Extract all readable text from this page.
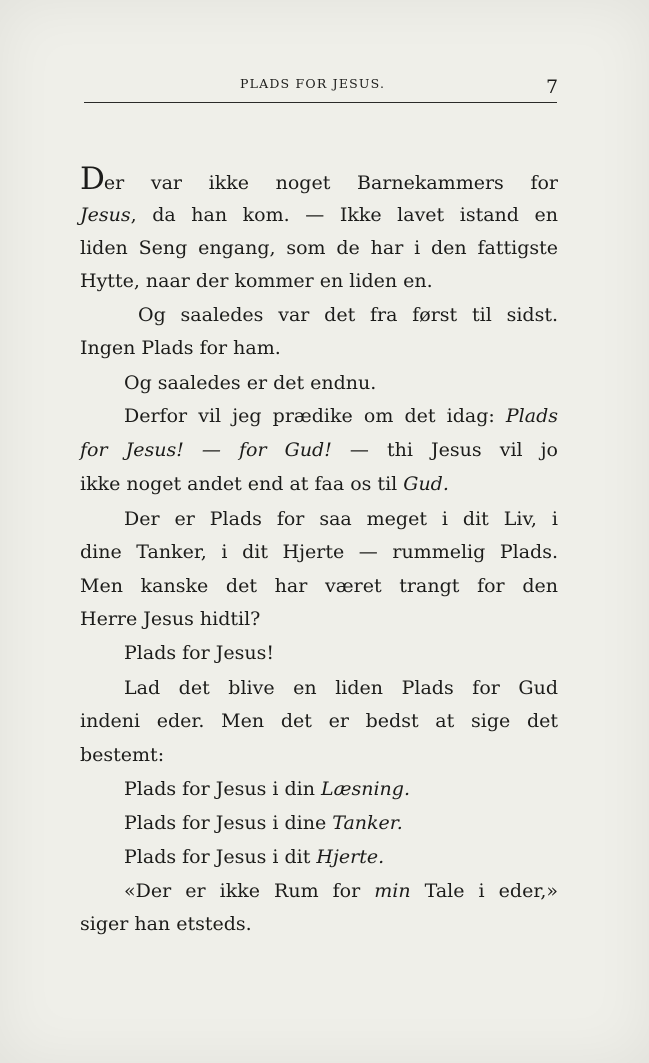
PLADS FOR JESUS.	7
Der var ikke noget Barnekammers for
Jesus, da han kom. — Ikke lavet istand en
liden Seng engang, som de har i den fattigste
Hytte, naar der kommer en liden en.
Og saaledes var det fra først til sidst.
Ingen Plads for ham.
Og saaledes er det endnu.
Derfor vil jeg prædike om det idag: Plads
for Jesus! — for Gud! — thi Jesus vil jo
ikke noget andet end at faa os til Gud.
Der er Plads for saa meget i dit Liv, i
dine Tanker, i dit Hjerte — rummelig Plads.
Men kanske det har været trangt for den
Herre Jesus hidtil?
Plads for Jesus!
Lad det blive en liden Plads for Gud
indeni eder. Men det er bedst at sige det
bestemt:
Plads for Jesus i din Læsning.
Plads for Jesus i dine Tanker.
Plads for Jesus i dit Hjerte.
«Der er ikke Rum for min Tale i eder,»
siger han etsteds.
